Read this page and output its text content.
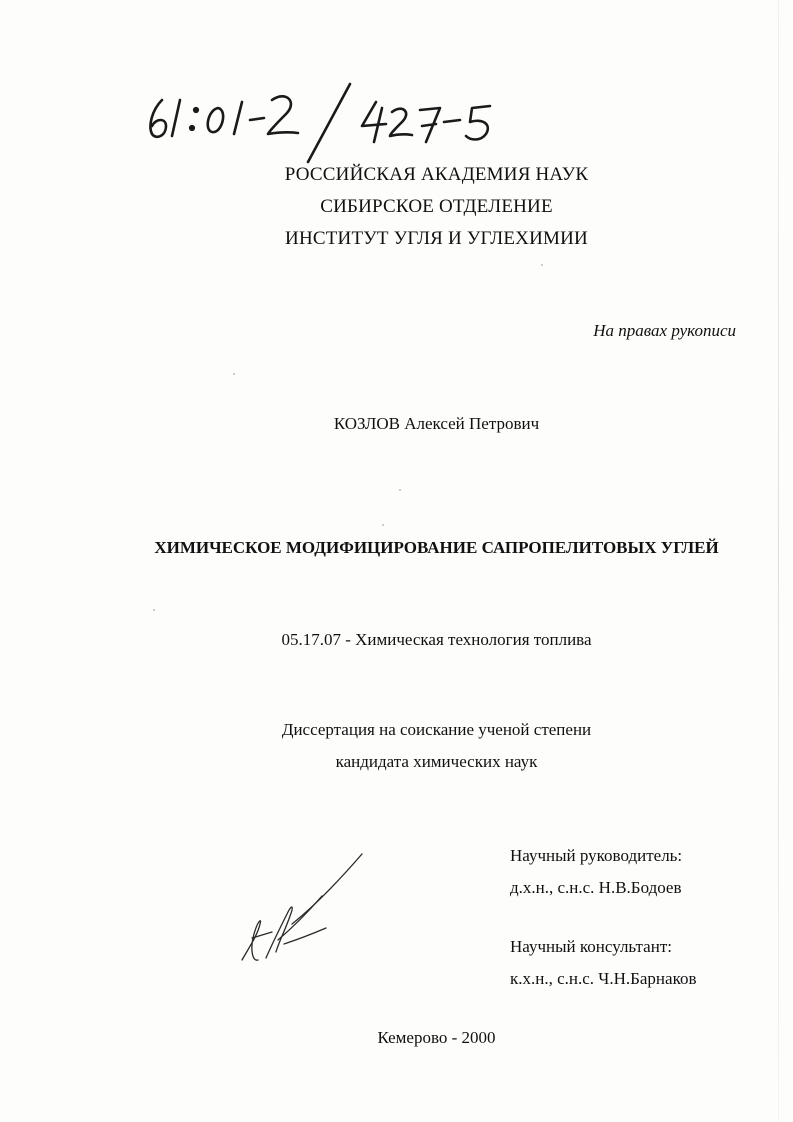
РОССИЙСКАЯ АКАДЕМИЯ НАУК
СИБИРСКОЕ ОТДЕЛЕНИЕ
ИНСТИТУТ УГЛЯ И УГЛЕХИМИИ
На правах рукописи
КОЗЛОВ Алексей Петрович
ХИМИЧЕСКОЕ МОДИФИЦИРОВАНИЕ САПРОПЕЛИТОВЫХ УГЛЕЙ
05.17.07 - Химическая технология топлива
Диссертация на соискание ученой степени
кандидата химических наук
Научный руководитель:
д.х.н., с.н.с. Н.В.Бодоев
Научный консультант:
к.х.н., с.н.с. Ч.Н.Барнаков
Кемерово - 2000
